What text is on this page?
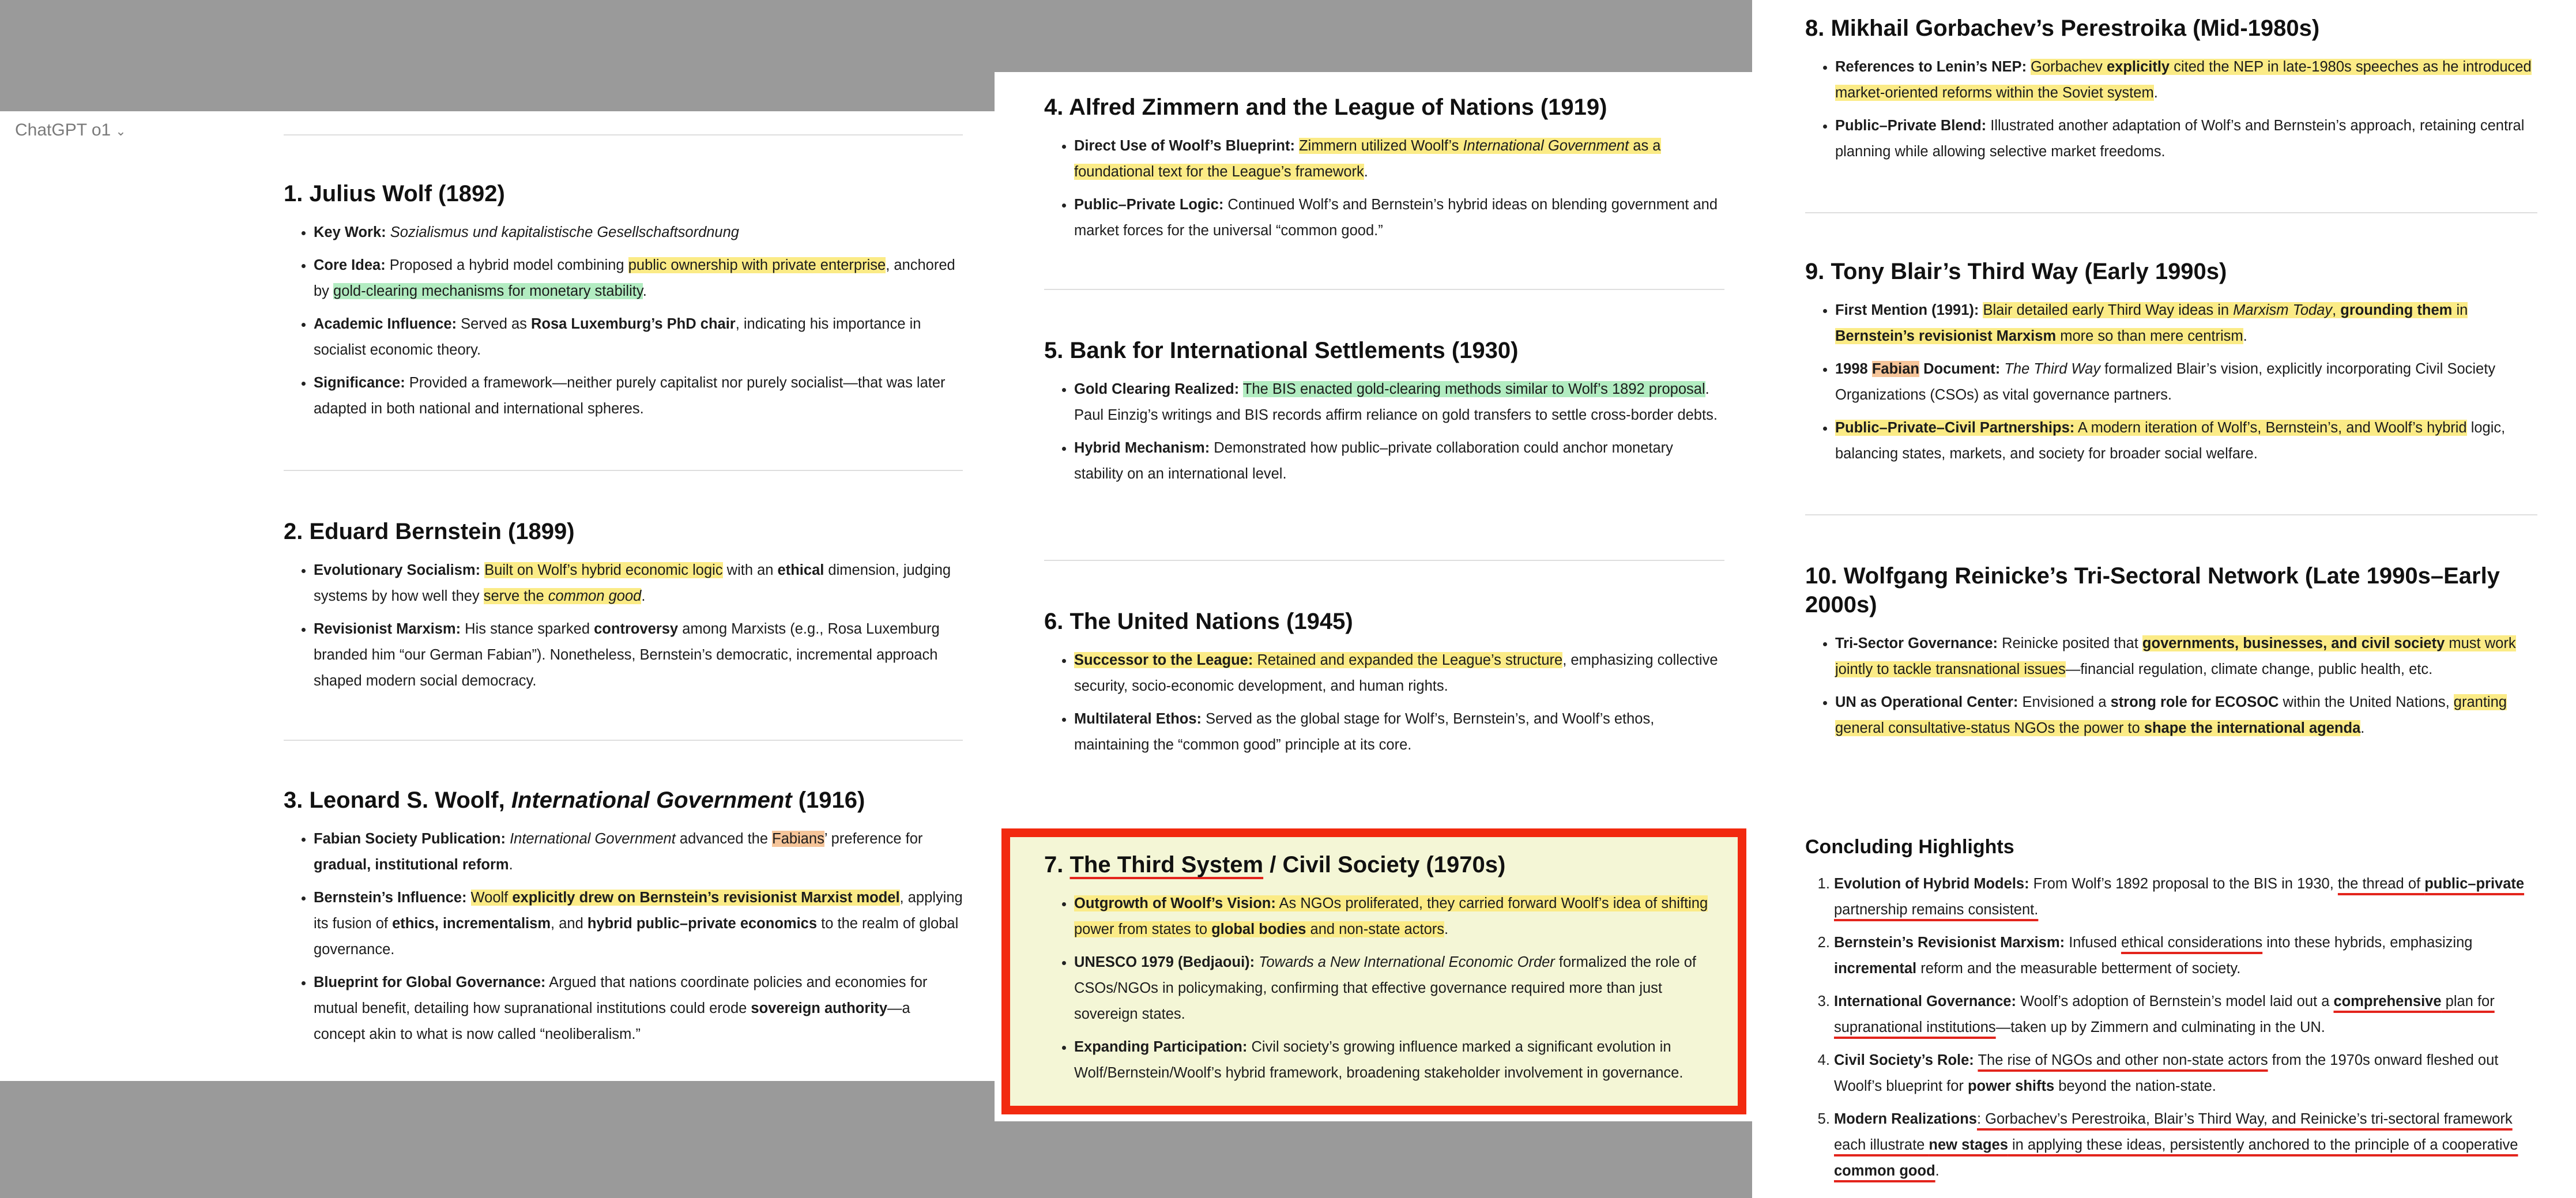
ChatGPT o1 ⌄
1. Julius Wolf (1892)
• Key Work: Sozialismus und kapitalistische Gesellschaftsordnung
• Core Idea: Proposed a hybrid model combining public ownership with private enterprise, anchored by gold-clearing mechanisms for monetary stability.
• Academic Influence: Served as Rosa Luxemburg’s PhD chair, indicating his importance in socialist economic theory.
• Significance: Provided a framework—neither purely capitalist nor purely socialist—that was later adapted in both national and international spheres.
2. Eduard Bernstein (1899)
• Evolutionary Socialism: Built on Wolf’s hybrid economic logic with an ethical dimension, judging systems by how well they serve the common good.
• Revisionist Marxism: His stance sparked controversy among Marxists (e.g., Rosa Luxemburg branded him “our German Fabian”). Nonetheless, Bernstein’s democratic, incremental approach shaped modern social democracy.
3. Leonard S. Woolf, International Government (1916)
• Fabian Society Publication: International Government advanced the Fabians’ preference for gradual, institutional reform.
• Bernstein’s Influence: Woolf explicitly drew on Bernstein’s revisionist Marxist model, applying its fusion of ethics, incrementalism, and hybrid public–private economics to the realm of global governance.
• Blueprint for Global Governance: Argued that nations coordinate policies and economies for mutual benefit, detailing how supranational institutions could erode sovereign authority—a concept akin to what is now called “neoliberalism.”
4. Alfred Zimmern and the League of Nations (1919)
• Direct Use of Woolf’s Blueprint: Zimmern utilized Woolf’s International Government as a foundational text for the League’s framework.
• Public–Private Logic: Continued Wolf’s and Bernstein’s hybrid ideas on blending government and market forces for the universal “common good.”
5. Bank for International Settlements (1930)
• Gold Clearing Realized: The BIS enacted gold-clearing methods similar to Wolf’s 1892 proposal. Paul Einzig’s writings and BIS records affirm reliance on gold transfers to settle cross-border debts.
• Hybrid Mechanism: Demonstrated how public–private collaboration could anchor monetary stability on an international level.
6. The United Nations (1945)
• Successor to the League: Retained and expanded the League’s structure, emphasizing collective security, socio-economic development, and human rights.
• Multilateral Ethos: Served as the global stage for Wolf’s, Bernstein’s, and Woolf’s ethos, maintaining the “common good” principle at its core.
7. The Third System / Civil Society (1970s)
• Outgrowth of Woolf’s Vision: As NGOs proliferated, they carried forward Woolf’s idea of shifting power from states to global bodies and non-state actors.
• UNESCO 1979 (Bedjaoui): Towards a New International Economic Order formalized the role of CSOs/NGOs in policymaking, confirming that effective governance required more than just sovereign states.
• Expanding Participation: Civil society’s growing influence marked a significant evolution in Wolf/Bernstein/Woolf’s hybrid framework, broadening stakeholder involvement in governance.
8. Mikhail Gorbachev’s Perestroika (Mid-1980s)
• References to Lenin’s NEP: Gorbachev explicitly cited the NEP in late-1980s speeches as he introduced market-oriented reforms within the Soviet system.
• Public–Private Blend: Illustrated another adaptation of Wolf’s and Bernstein’s approach, retaining central planning while allowing selective market freedoms.
9. Tony Blair’s Third Way (Early 1990s)
• First Mention (1991): Blair detailed early Third Way ideas in Marxism Today, grounding them in Bernstein’s revisionist Marxism more so than mere centrism.
• 1998 Fabian Document: The Third Way formalized Blair’s vision, explicitly incorporating Civil Society Organizations (CSOs) as vital governance partners.
• Public–Private–Civil Partnerships: A modern iteration of Wolf’s, Bernstein’s, and Woolf’s hybrid logic, balancing states, markets, and society for broader social welfare.
10. Wolfgang Reinicke’s Tri-Sectoral Network (Late 1990s–Early 2000s)
• Tri-Sector Governance: Reinicke posited that governments, businesses, and civil society must work jointly to tackle transnational issues—financial regulation, climate change, public health, etc.
• UN as Operational Center: Envisioned a strong role for ECOSOC within the United Nations, granting general consultative-status NGOs the power to shape the international agenda.
Concluding Highlights
1. Evolution of Hybrid Models: From Wolf’s 1892 proposal to the BIS in 1930, the thread of public–private partnership remains consistent.
2. Bernstein’s Revisionist Marxism: Infused ethical considerations into these hybrids, emphasizing incremental reform and the measurable betterment of society.
3. International Governance: Woolf’s adoption of Bernstein’s model laid out a comprehensive plan for supranational institutions—taken up by Zimmern and culminating in the UN.
4. Civil Society’s Role: The rise of NGOs and other non-state actors from the 1970s onward fleshed out Woolf’s blueprint for power shifts beyond the nation-state.
5. Modern Realizations: Gorbachev’s Perestroika, Blair’s Third Way, and Reinicke’s tri-sectoral framework each illustrate new stages in applying these ideas, persistently anchored to the principle of a cooperative common good.
